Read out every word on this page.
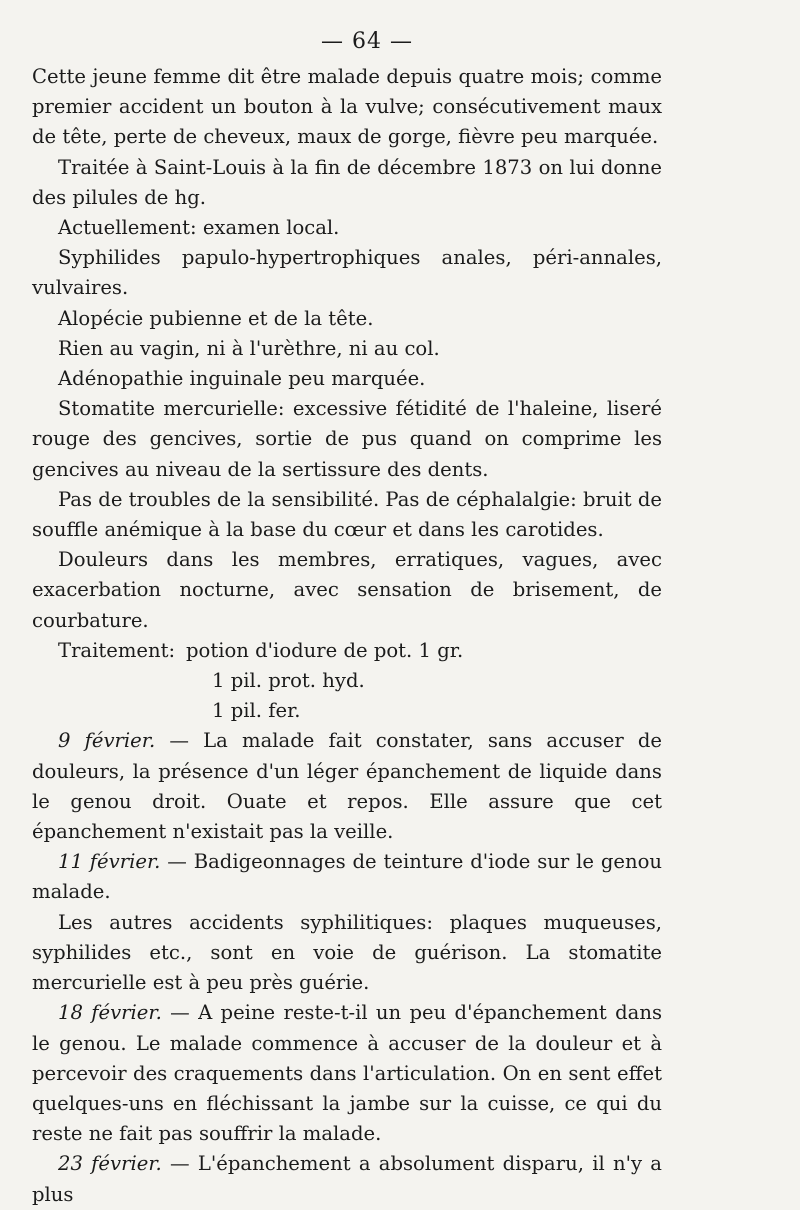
— 64 —

Cette jeune femme dit être malade depuis quatre mois; comme premier accident un bouton à la vulve; consécutivement maux de tête, perte de cheveux, maux de gorge, fièvre peu marquée.

Traitée à Saint-Louis à la fin de décembre 1873 on lui donne des pilules de hg.

Actuellement: examen local.

Syphilides papulo-hypertrophiques anales, péri-annales, vulvaires.

Alopécie pubienne et de la tête.

Rien au vagin, ni à l'urèthre, ni au col.

Adénopathie inguinale peu marquée.

Stomatite mercurielle: excessive fétidité de l'haleine, liseré rouge des gencives, sortie de pus quand on comprime les gencives au niveau de la sertissure des dents.

Pas de troubles de la sensibilité. Pas de céphalalgie: bruit de souffle anémique à la base du cœur et dans les carotides.

Douleurs dans les membres, erratiques, vagues, avec exacerbation nocturne, avec sensation de brisement, de courbature.

Traitement: potion d'iodure de pot. 1 gr.
1 pil. prot. hyd.
1 pil. fer.

9 février. — La malade fait constater, sans accuser de douleurs, la présence d'un léger épanchement de liquide dans le genou droit. Ouate et repos. Elle assure que cet épanchement n'existait pas la veille.

11 février. — Badigeonnages de teinture d'iode sur le genou malade.

Les autres accidents syphilitiques: plaques muqueuses, syphilides etc., sont en voie de guérison. La stomatite mercurielle est à peu près guérie.

18 février. — A peine reste-t-il un peu d'épanchement dans le genou. Le malade commence à accuser de la douleur et à percevoir des craquements dans l'articulation. On en sent effet quelques-uns en fléchissant la jambe sur la cuisse, ce qui du reste ne fait pas souffrir la malade.

23 février. — L'épanchement a absolument disparu, il n'y a plus
